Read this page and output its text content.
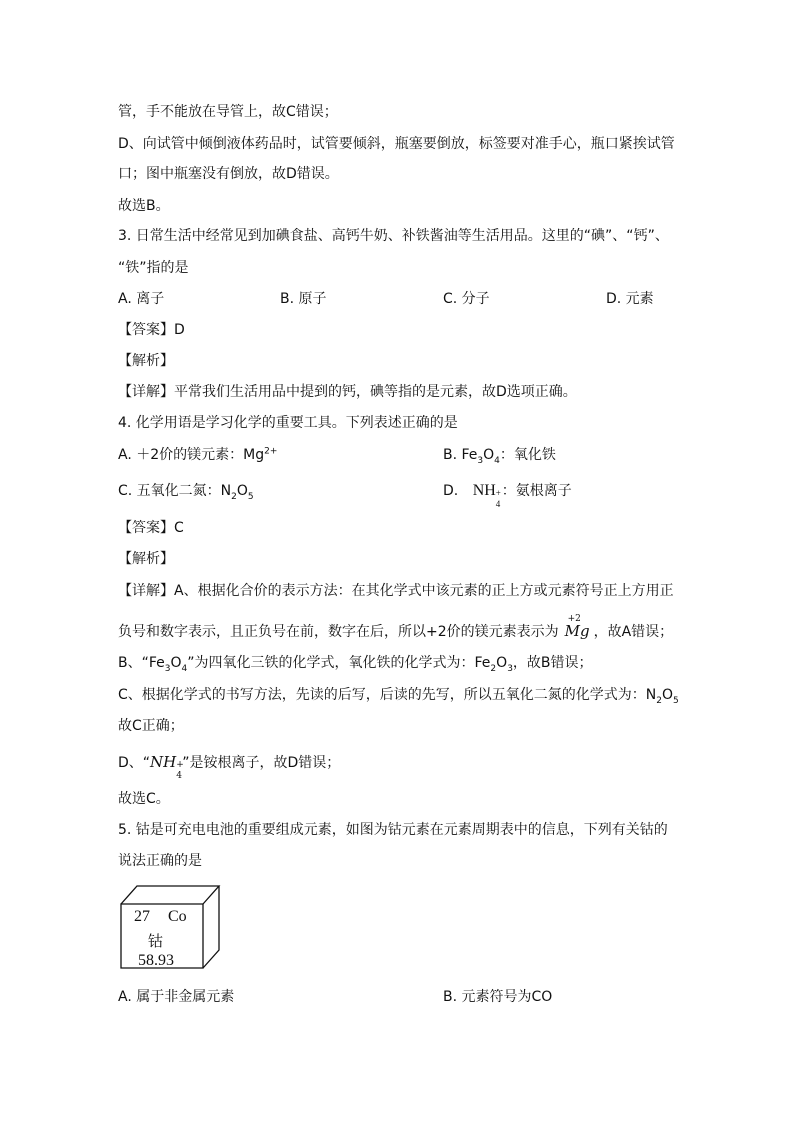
管，手不能放在导管上，故C错误；
D、向试管中倾倒液体药品时，试管要倾斜，瓶塞要倒放，标签要对准手心，瓶口紧挨试管
口；图中瓶塞没有倒放，故D错误。
故选B。
3. 日常生活中经常见到加碘食盐、高钙牛奶、补铁酱油等生活用品。这里的“碘”、“钙”、
“铁”指的是
A. 离子	B. 原子	C. 分子	D. 元素
【答案】D
【解析】
【详解】平常我们生活用品中提到的钙，碘等指的是元素，故D选项正确。
4. 化学用语是学习化学的重要工具。下列表述正确的是
A. ＋2价的镁元素：$Mg^{2+}$	B. $Fe_3O_4$：氧化铁
C. 五氧化二氮：$N_2O_5$	D. NH +
4
：氨根离子
【答案】C
【解析】
【详解】A、根据化合价的表示方法：在其化学式中该元素的正上方或元素符号正上方用正
负号和数字表示，且正负号在前，数字在后，所以+2价的镁元素表示为
+2
Mg ，故A错误；
B、“$Fe_3O_4$”为四氧化三铁的化学式，氧化铁的化学式为：$Fe_2O_3$，故B错误；
C、根据化学式的书写方法，先读的后写，后读的先写，所以五氧化二氮的化学式为：$N_2O_5$
故C正确；
D、“NH +
4
”是铵根离子，故D错误；
故选C。
5. 钴是可充电电池的重要组成元素，如图为钴元素在元素周期表中的信息，下列有关钴的
说法正确的是
27 Co
钴
58.93
A. 属于非金属元素	B. 元素符号为CO
